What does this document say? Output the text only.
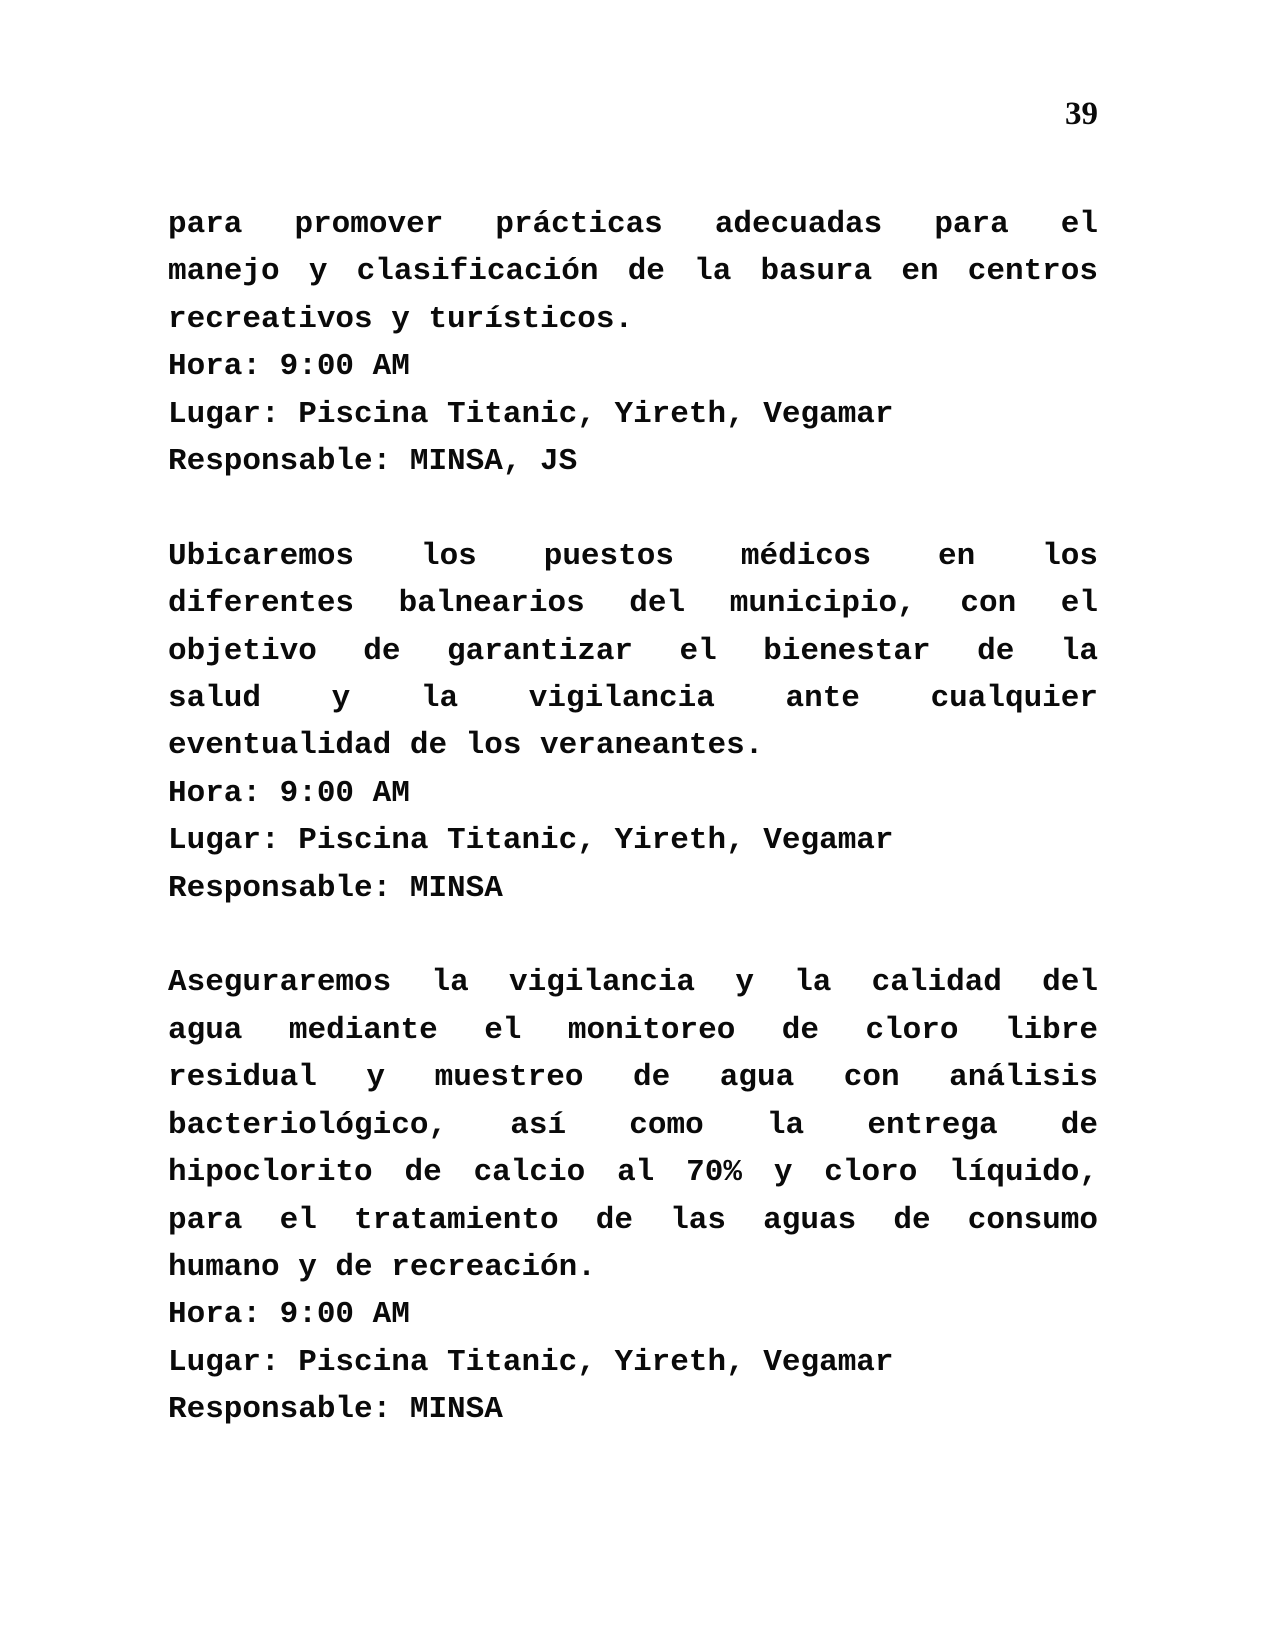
39
para promover prácticas adecuadas para el
manejo y clasificación de la basura en centros
recreativos y turísticos.
Hora: 9:00 AM
Lugar: Piscina Titanic, Yireth, Vegamar
Responsable: MINSA, JS
Ubicaremos los puestos médicos en los
diferentes balnearios del municipio, con el
objetivo de garantizar el bienestar de la
salud y la vigilancia ante cualquier
eventualidad de los veraneantes.
Hora: 9:00 AM
Lugar: Piscina Titanic, Yireth, Vegamar
Responsable: MINSA
Aseguraremos la vigilancia y la calidad del
agua mediante el monitoreo de cloro libre
residual y muestreo de agua con análisis
bacteriológico, así como la entrega de
hipoclorito de calcio al 70% y cloro líquido,
para el tratamiento de las aguas de consumo
humano y de recreación.
Hora: 9:00 AM
Lugar: Piscina Titanic, Yireth, Vegamar
Responsable: MINSA
